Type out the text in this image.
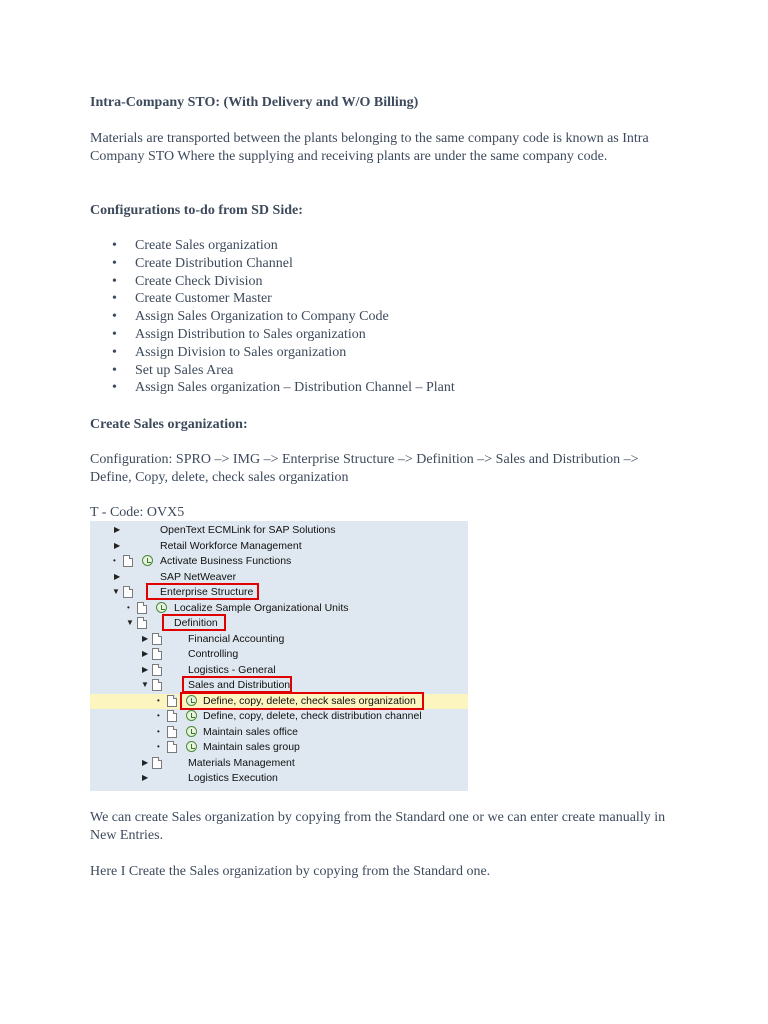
Intra-Company STO: (With Delivery and W/O Billing)

Materials are transported between the plants belonging to the same company code is known as Intra Company STO Where the supplying and receiving plants are under the same company code.

Configurations to-do from SD Side:

• Create Sales organization
• Create Distribution Channel
• Create Check Division
• Create Customer Master
• Assign Sales Organization to Company Code
• Assign Distribution to Sales organization
• Assign Division to Sales organization
• Set up Sales Area
• Assign Sales organization – Distribution Channel – Plant

Create Sales organization:

Configuration: SPRO –> IMG –> Enterprise Structure –> Definition –> Sales and Distribution –> Define, Copy, delete, check sales organization

T - Code: OVX5

▶	OpenText ECMLink for SAP Solutions
▶	Retail Workforce Management
•	Activate Business Functions
▶	SAP NetWeaver
▼	Enterprise Structure
•	Localize Sample Organizational Units
▼	Definition
▶	Financial Accounting
▶	Controlling
▶	Logistics - General
▼	Sales and Distribution
•	Define, copy, delete, check sales organization
•	Define, copy, delete, check distribution channel
•	Maintain sales office
•	Maintain sales group
▶	Materials Management
▶	Logistics Execution

We can create Sales organization by copying from the Standard one or we can enter create manually in New Entries.

Here I Create the Sales organization by copying from the Standard one.
